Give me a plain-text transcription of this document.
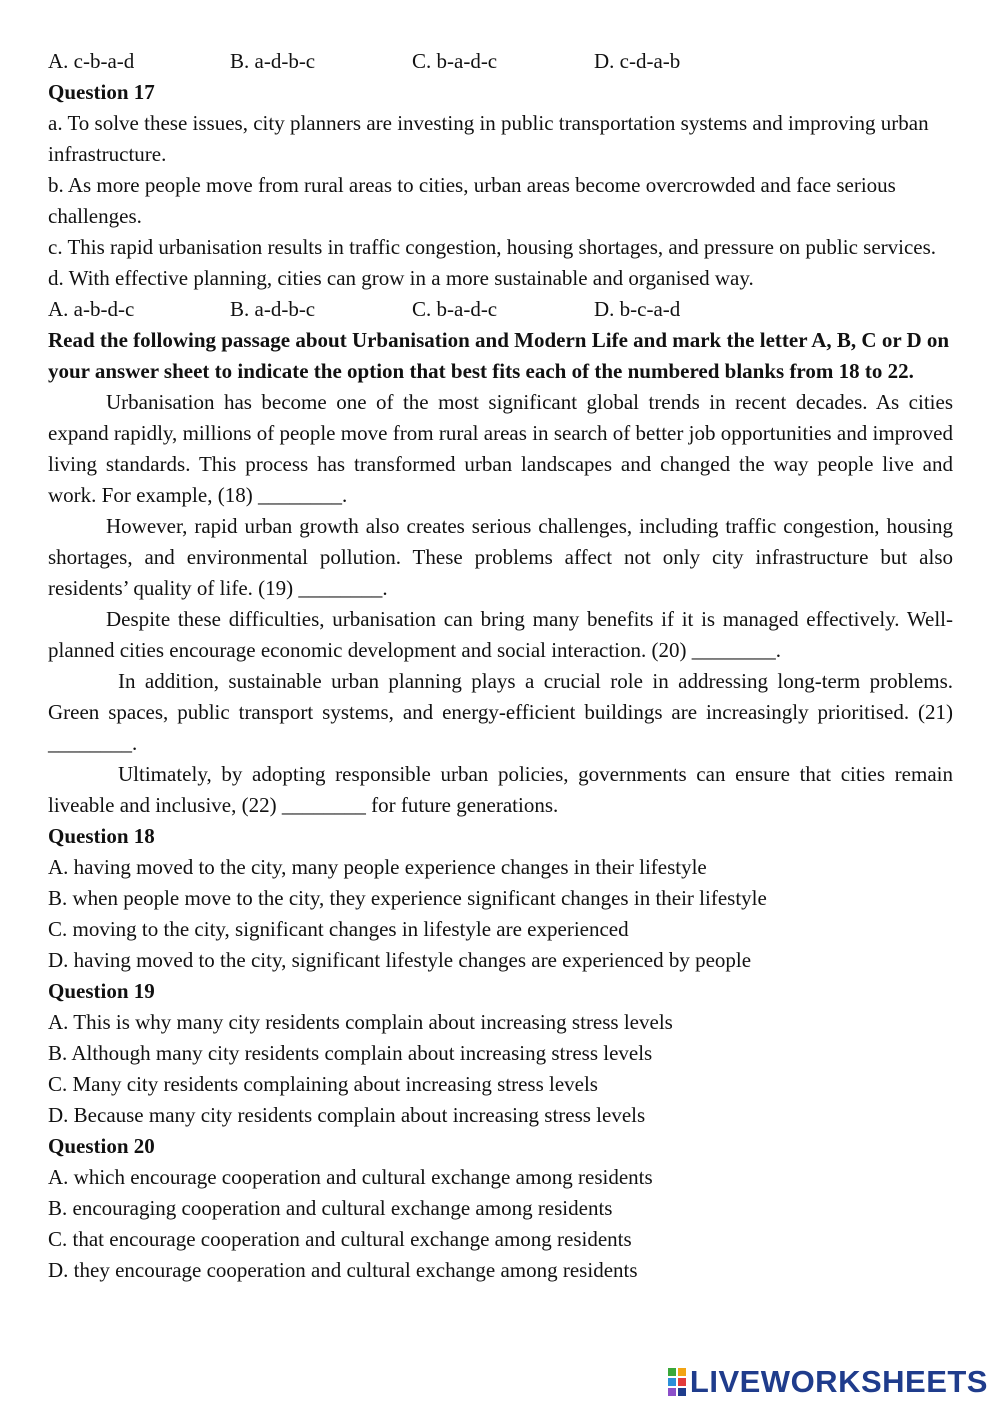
A. c-b-a-d	B. a-d-b-c	C. b-a-d-c	D. c-d-a-b
Question 17
a. To solve these issues, city planners are investing in public transportation systems and improving urban infrastructure.
b. As more people move from rural areas to cities, urban areas become overcrowded and face serious challenges.
c. This rapid urbanisation results in traffic congestion, housing shortages, and pressure on public services.
d. With effective planning, cities can grow in a more sustainable and organised way.
A. a-b-d-c	B. a-d-b-c	C. b-a-d-c	D. b-c-a-d
Read the following passage about Urbanisation and Modern Life and mark the letter A, B, C or D on your answer sheet to indicate the option that best fits each of the numbered blanks from 18 to 22.
Urbanisation has become one of the most significant global trends in recent decades. As cities expand rapidly, millions of people move from rural areas in search of better job opportunities and improved living standards. This process has transformed urban landscapes and changed the way people live and work. For example, (18) ________.
However, rapid urban growth also creates serious challenges, including traffic congestion, housing shortages, and environmental pollution. These problems affect not only city infrastructure but also residents’ quality of life. (19) ________.
Despite these difficulties, urbanisation can bring many benefits if it is managed effectively. Well-planned cities encourage economic development and social interaction. (20) ________.
In addition, sustainable urban planning plays a crucial role in addressing long-term problems. Green spaces, public transport systems, and energy-efficient buildings are increasingly prioritised. (21) ________.
Ultimately, by adopting responsible urban policies, governments can ensure that cities remain liveable and inclusive, (22) ________ for future generations.
Question 18
A. having moved to the city, many people experience changes in their lifestyle
B. when people move to the city, they experience significant changes in their lifestyle
C. moving to the city, significant changes in lifestyle are experienced
D. having moved to the city, significant lifestyle changes are experienced by people
Question 19
A. This is why many city residents complain about increasing stress levels
B. Although many city residents complain about increasing stress levels
C. Many city residents complaining about increasing stress levels
D. Because many city residents complain about increasing stress levels
Question 20
A. which encourage cooperation and cultural exchange among residents
B. encouraging cooperation and cultural exchange among residents
C. that encourage cooperation and cultural exchange among residents
D. they encourage cooperation and cultural exchange among residents
LIVEWORKSHEETS
